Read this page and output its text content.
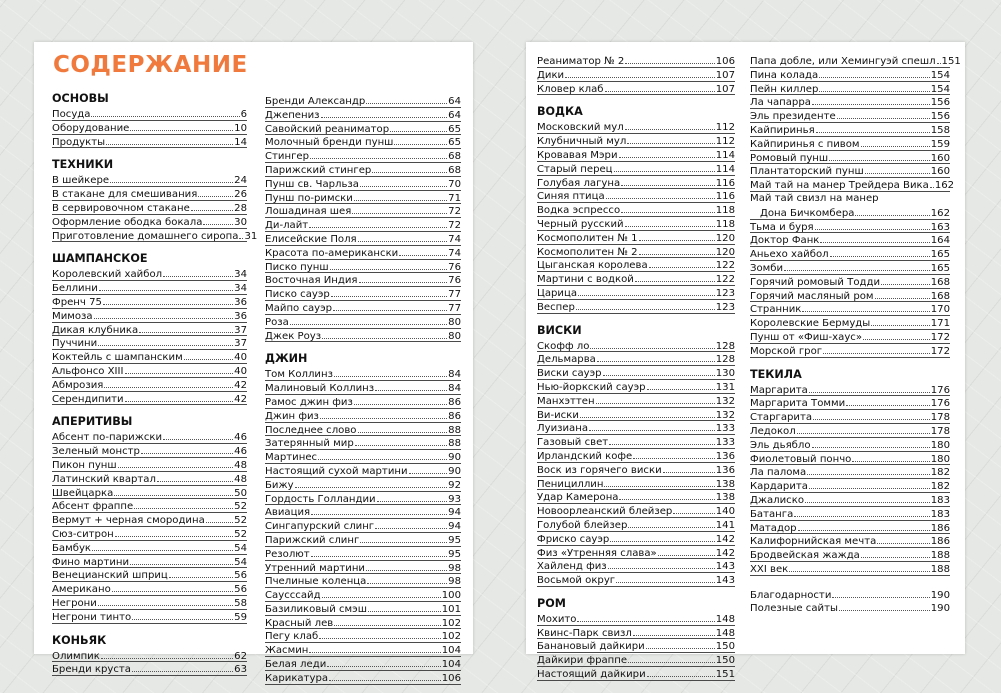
СОДЕРЖАНИЕ
ОСНОВЫ
Посуда	6
Оборудование	10
Продукты	14
ТЕХНИКИ
В шейкере	24
В стакане для смешивания	26
В сервировочном стакане	28
Оформление ободка бокала	30
Приготовление домашнего сиропа 31
ШАМПАНСКОЕ
Королевский хайбол	34
Беллини	34
Френч 75	36
Мимоза	36
Дикая клубника	37
Пуччини	37
Коктейль с шампанским	40
Альфонсо XIII	40
Абмрозия	42
Серендипити	42
АПЕРИТИВЫ
Абсент по-парижски	46
Зеленый монстр	46
Пикон пунш	48
Латинский квартал	48
Швейцарка	50
Абсент фраппе	52
Вермут + черная смородина	52
Сюз-ситрон	52
Бамбук	54
Фино мартини	54
Венецианский шприц	56
Американо	56
Негрони	58
Негрони тинто	59
КОНЬЯК
Олимпик	62
Бренди круста	63
Бренди Александр	64
Джепениз	64
Савойский реаниматор	65
Молочный бренди пунш	65
Стингер	68
Парижский стингер	68
Пунш св. Чарльза	70
Пунш по-римски	71
Лошадиная шея	72
Ди-лайт	72
Елисейские Поля	74
Красота по-американски	74
Писко пунш	76
Восточная Индия	76
Писко сауэр	77
Майпо сауэр	77
Роза	80
Джек Роуз	80
ДЖИН
Том Коллинз	84
Малиновый Коллинз	84
Рамос джин физ	86
Джин физ	86
Последнее слово	88
Затерянный мир	88
Мартинес	90
Настоящий сухой мартини	90
Бижу	92
Гордость Голландии	93
Авиация	94
Сингапурский слинг	94
Парижский слинг	95
Резолют	95
Утренний мартини	98
Пчелиные коленца	98
Саусссайд	100
Базиликовый смэш	101
Красный лев	102
Пегу клаб	102
Жасмин	104
Белая леди	104
Карикатура	106
Реаниматор № 2	106
Дики	107
Кловер клаб	107
ВОДКА
Московский мул	112
Клубничный мул	112
Кровавая Мэри	114
Старый перец	114
Голубая лагуна	116
Синяя птица	116
Водка эспрессо	118
Черный русский	118
Космополитен № 1	120
Космополитен № 2	120
Цыганская королева	122
Мартини с водкой	122
Царица	123
Веспер	123
ВИСКИ
Скофф ло	128
Дельмарва	128
Виски сауэр	130
Нью-йоркский сауэр	131
Манхэттен	132
Ви-иски	132
Луизиана	133
Газовый свет	133
Ирландский кофе	136
Воск из горячего виски	136
Пенициллин	138
Удар Камерона	138
Новоорлеанский блейзер	140
Голубой блейзер	141
Фриско сауэр	142
Физ «Утренняя слава»	142
Хайленд физ	143
Восьмой округ	143
РОМ
Мохито	148
Квинс-Парк свизл	148
Банановый дайкири	150
Дайкири фраппе	150
Настоящий дайкири	151
Папа добле, или Хемингуэй спешл 151
Пина колада	154
Пейн киллер	154
Ла чапарра	156
Эль президенте	156
Кайпиринья	158
Кайпиринья с пивом	159
Ромовый пунш	160
Плантаторский пунш	160
Май тай на манер Трейдера Вика 162
Май тай свизл на манер
Дона Бичкомбера	162
Тьма и буря	163
Доктор Фанк	164
Аньехо хайбол	165
Зомби	165
Горячий ромовый Тодди	168
Горячий масляный ром	168
Странник	170
Королевские Бермуды	171
Пунш от «Фиш-хаус»	172
Морской грог	172
ТЕКИЛА
Маргарита	176
Маргарита Томми	176
Старгарита	178
Ледокол	178
Эль дьябло	180
Фиолетовый пончо	180
Ла палома	182
Кардарита	182
Джалиско	183
Батанга	183
Матадор	186
Калифорнийская мечта	186
Бродвейская жажда	188
XXI век	188
Благодарности	190
Полезные сайты	190
